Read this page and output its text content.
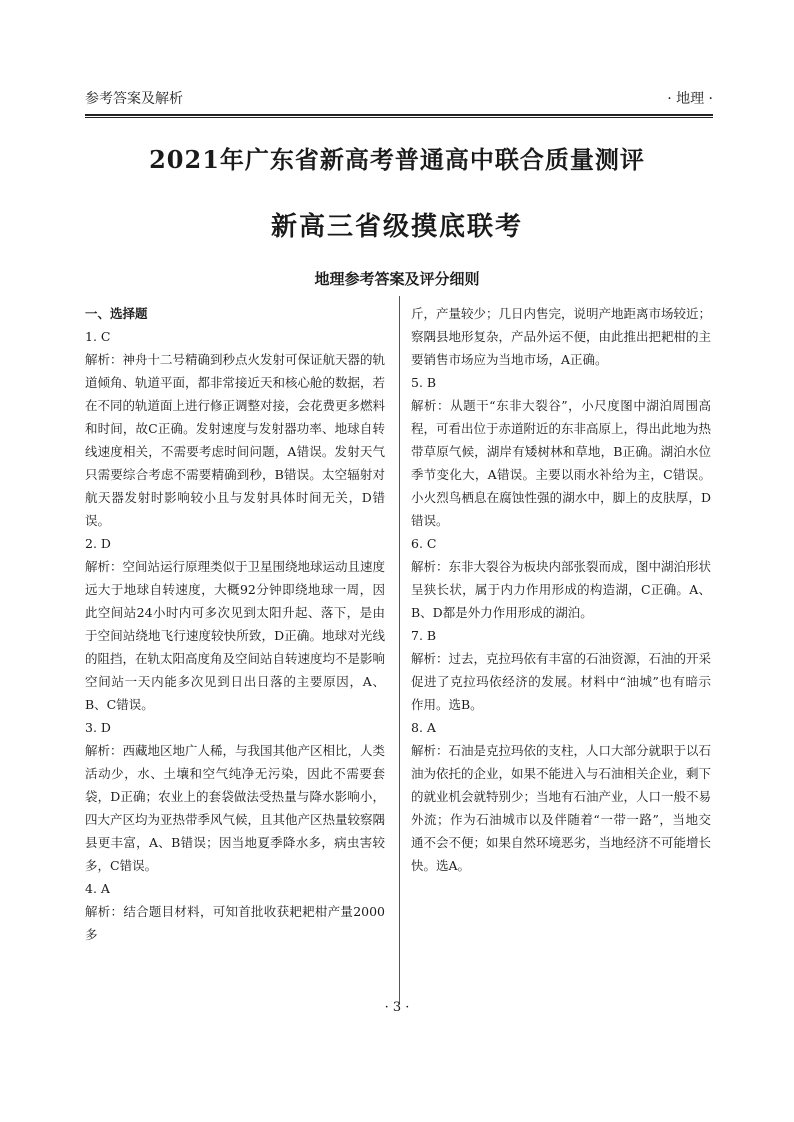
参考答案及解析	· 地理 ·
2021年广东省新高考普通高中联合质量测评
新高三省级摸底联考
地理参考答案及评分细则

一、选择题

1. C

解析：神舟十二号精确到秒点火发射可保证航天器的轨道倾角、轨道平面，都非常接近天和核心舱的数据，若在不同的轨道面上进行修正调整对接，会花费更多燃料和时间，故C正确。发射速度与发射器功率、地球自转线速度相关，不需要考虑时间问题，A错误。发射天气只需要综合考虑不需要精确到秒，B错误。太空辐射对航天器发射时影响较小且与发射具体时间无关，D错误。

2. D

解析：空间站运行原理类似于卫星围绕地球运动且速度远大于地球自转速度，大概92分钟即绕地球一周，因此空间站24小时内可多次见到太阳升起、落下，是由于空间站绕地飞行速度较快所致，D正确。地球对光线的阻挡，在轨太阳高度角及空间站自转速度均不是影响空间站一天内能多次见到日出日落的主要原因，A、B、C错误。

3. D

解析：西藏地区地广人稀，与我国其他产区相比，人类活动少，水、土壤和空气纯净无污染，因此不需要套袋，D正确；农业上的套袋做法受热量与降水影响小，四大产区均为亚热带季风气候，且其他产区热量较察隅县更丰富，A、B错误；因当地夏季降水多，病虫害较多，C错误。

4. A

解析：结合题目材料，可知首批收获耙耙柑产量2000多

斤，产量较少；几日内售完，说明产地距离市场较近；察隅县地形复杂，产品外运不便，由此推出把耙柑的主要销售市场应为当地市场，A正确。

5. B

解析：从题干“东非大裂谷”，小尺度图中湖泊周围高程，可看出位于赤道附近的东非高原上，得出此地为热带草原气候，湖岸有矮树林和草地，B正确。湖泊水位季节变化大，A错误。主要以雨水补给为主，C错误。小火烈鸟栖息在腐蚀性强的湖水中，脚上的皮肤厚，D错误。

6. C

解析：东非大裂谷为板块内部张裂而成，图中湖泊形状呈狭长状，属于内力作用形成的构造湖，C正确。A、B、D都是外力作用形成的湖泊。

7. B

解析：过去，克拉玛依有丰富的石油资源，石油的开采促进了克拉玛依经济的发展。材料中“油城”也有暗示作用。选B。

8. A

解析：石油是克拉玛依的支柱，人口大部分就职于以石油为依托的企业，如果不能进入与石油相关企业，剩下的就业机会就特别少；当地有石油产业，人口一般不易外流；作为石油城市以及伴随着“一带一路”，当地交通不会不便；如果自然环境恶劣，当地经济不可能增长快。选A。

· 3 ·
